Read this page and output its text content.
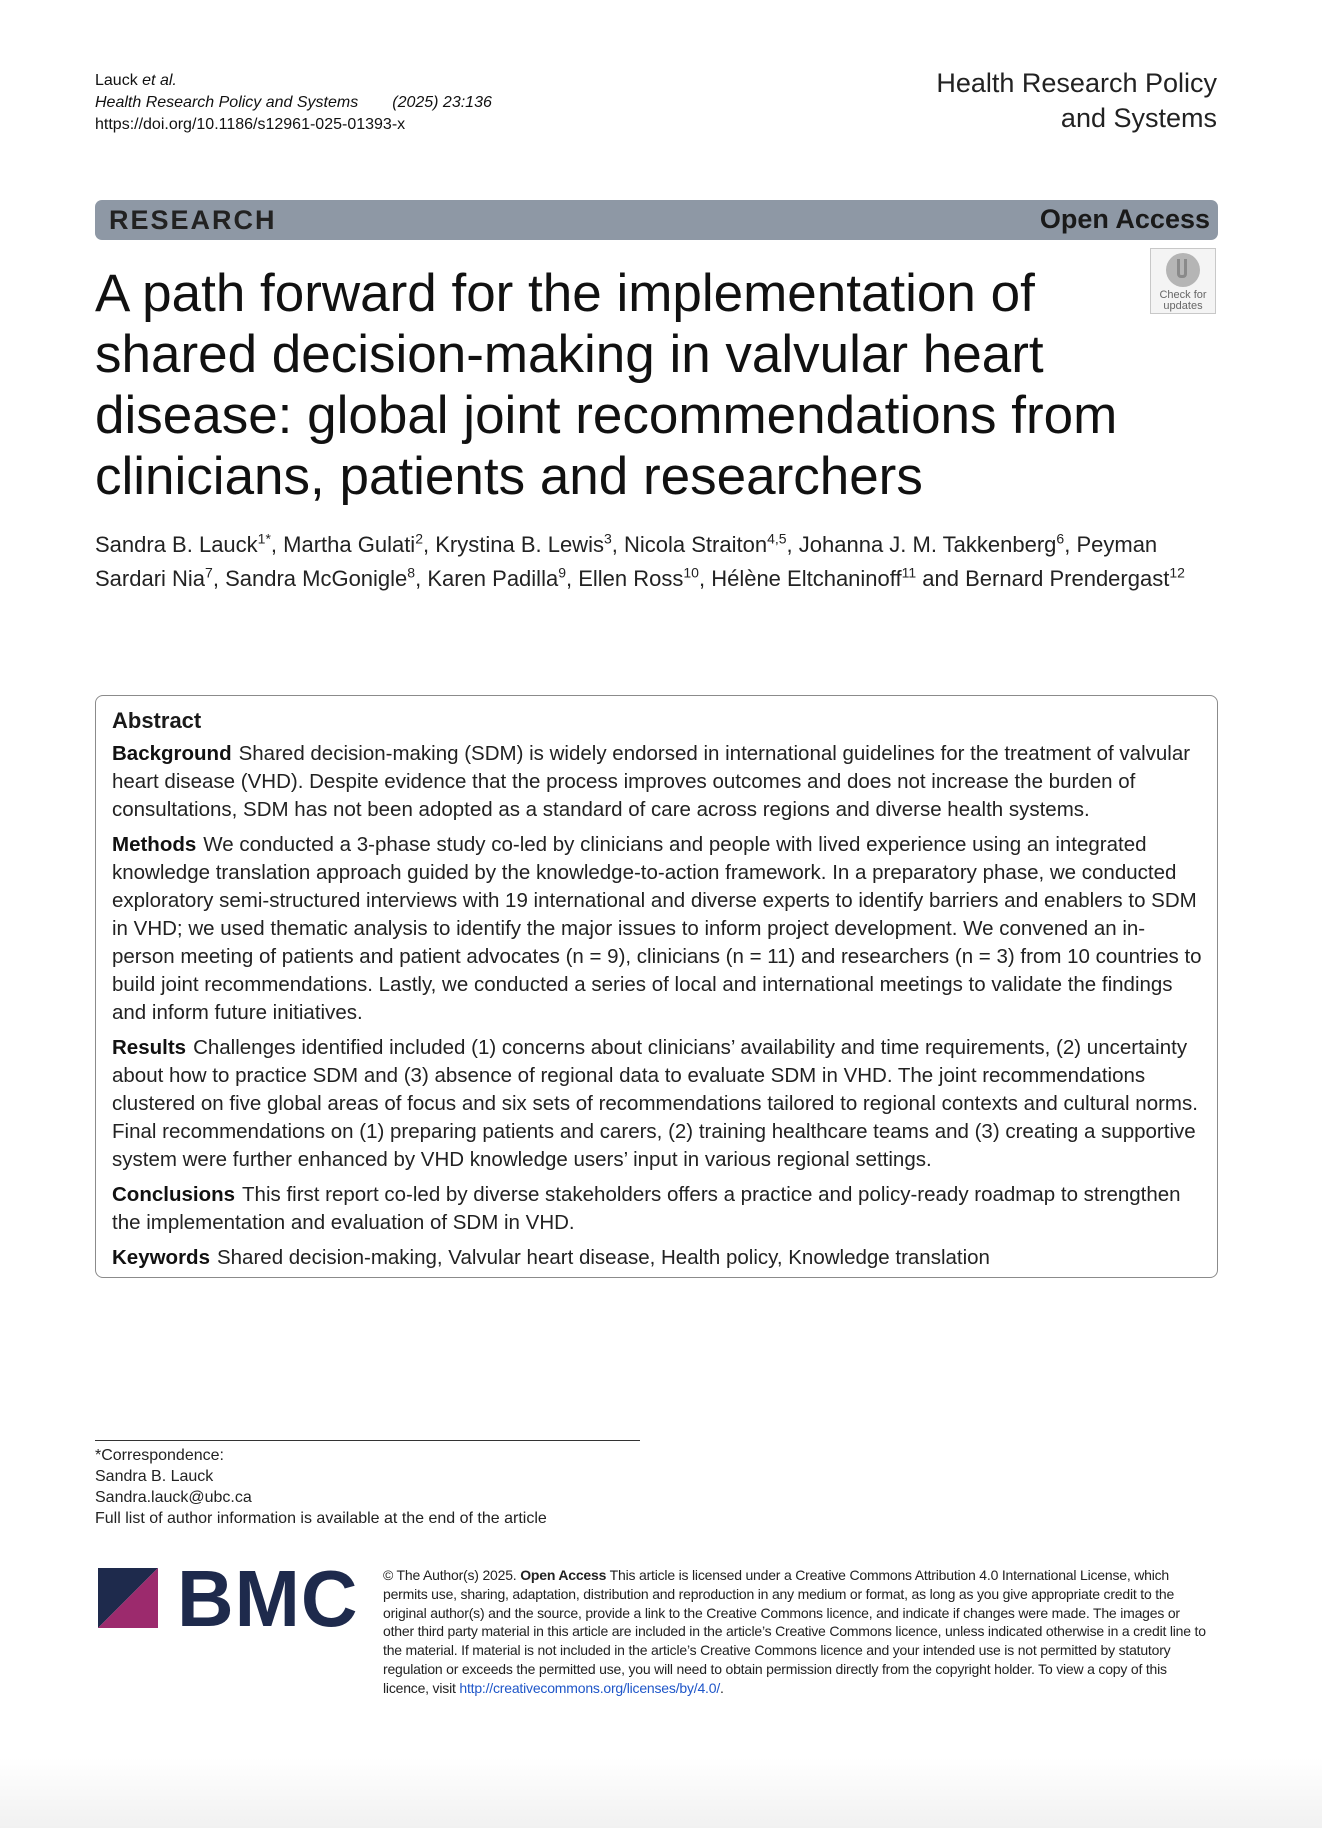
Lauck et al.
Health Research Policy and Systems (2025) 23:136
https://doi.org/10.1186/s12961-025-01393-x
Health Research Policy
and Systems
RESEARCH	Open Access
Check for
updates
A path forward for the implementation of shared decision-making in valvular heart disease: global joint recommendations from clinicians, patients and researchers
Sandra B. Lauck$^{1*}$, Martha Gulati$^2$, Krystina B. Lewis$^3$, Nicola Straiton$^{4,5}$, Johanna J. M. Takkenberg$^6$, Peyman Sardari Nia$^7$, Sandra McGonigle$^8$, Karen Padilla$^9$, Ellen Ross$^{10}$, Hélène Eltchaninoff$^{11}$ and Bernard Prendergast$^{12}$
Abstract
Background Shared decision-making (SDM) is widely endorsed in international guidelines for the treatment of valvular heart disease (VHD). Despite evidence that the process improves outcomes and does not increase the burden of consultations, SDM has not been adopted as a standard of care across regions and diverse health systems.
Methods We conducted a 3-phase study co-led by clinicians and people with lived experience using an integrated knowledge translation approach guided by the knowledge-to-action framework. In a preparatory phase, we conducted exploratory semi-structured interviews with 19 international and diverse experts to identify barriers and enablers to SDM in VHD; we used thematic analysis to identify the major issues to inform project development. We convened an in-person meeting of patients and patient advocates (n = 9), clinicians (n = 11) and researchers (n = 3) from 10 countries to build joint recommendations. Lastly, we conducted a series of local and international meetings to validate the findings and inform future initiatives.
Results Challenges identified included (1) concerns about clinicians’ availability and time requirements, (2) uncertainty about how to practice SDM and (3) absence of regional data to evaluate SDM in VHD. The joint recommendations clustered on five global areas of focus and six sets of recommendations tailored to regional contexts and cultural norms. Final recommendations on (1) preparing patients and carers, (2) training healthcare teams and (3) creating a supportive system were further enhanced by VHD knowledge users’ input in various regional settings.
Conclusions This first report co-led by diverse stakeholders offers a practice and policy-ready roadmap to strengthen the implementation and evaluation of SDM in VHD.
Keywords Shared decision-making, Valvular heart disease, Health policy, Knowledge translation
*Correspondence:
Sandra B. Lauck
Sandra.lauck@ubc.ca
Full list of author information is available at the end of the article
BMC © The Author(s) 2025. Open Access This article is licensed under a Creative Commons Attribution 4.0 International License, which permits use, sharing, adaptation, distribution and reproduction in any medium or format, as long as you give appropriate credit to the original author(s) and the source, provide a link to the Creative Commons licence, and indicate if changes were made. The images or other third party material in this article are included in the article’s Creative Commons licence, unless indicated otherwise in a credit line to the material. If material is not included in the article’s Creative Commons licence and your intended use is not permitted by statutory regulation or exceeds the permitted use, you will need to obtain permission directly from the copyright holder. To view a copy of this licence, visit http://creativecommons.org/licenses/by/4.0/.
